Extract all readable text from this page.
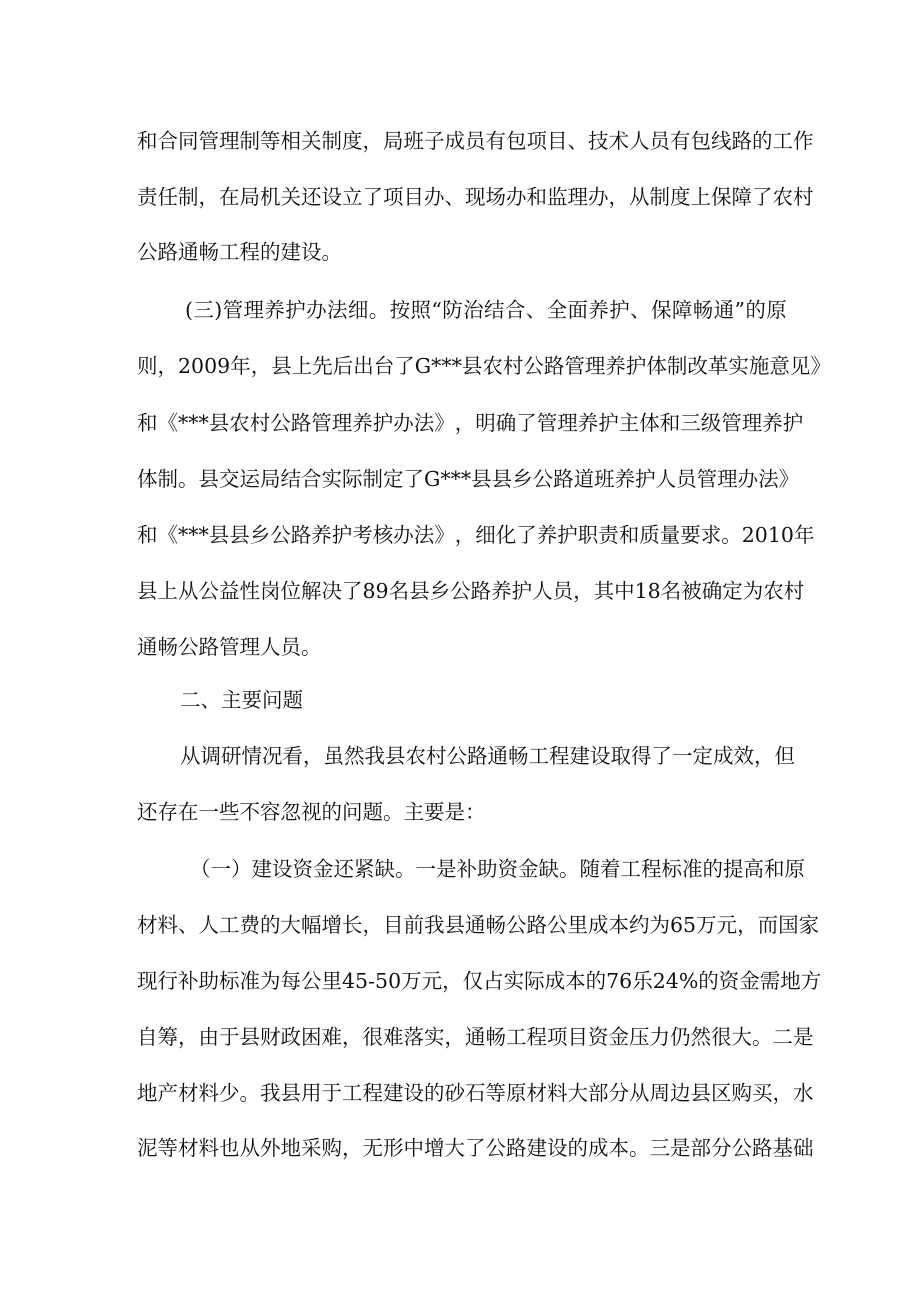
和 合 同 管 理 制 等 相 关 制 度 ， 局 班 子 成 员 有 包 项 目 、 技 术 人 员 有 包 线 路 的 工 作
责 任 制 ， 在 局 机 关 还 设 立 了 项 目 办 、 现 场 办 和 监 理 办 ， 从 制 度 上 保 障 了 农 村
公路通畅工程的建设。
( 三 ) 管 理 养 护 办 法 细 。 按 照 “ 防 治 结 合 、 全 面 养 护 、 保 障 畅 通 ” 的 原
则 ， 2 0 0 9 年 ， 县 上 先 后 出 台 了 G * * * 县 农 村 公 路 管 理 养 护 体 制 改 革 实 施 意 见 》
和 《 * * * 县 农 村 公 路 管 理 养 护 办 法 》 ， 明 确 了 管 理 养 护 主 体 和 三 级 管 理 养 护
体 制 。 县 交 运 局 结 合 实 际 制 定 了 G * * * 县 县 乡 公 路 道 班 养 护 人 员 管 理 办 法 》
和 《 * * * 县 县 乡 公 路 养 护 考 核 办 法 》 ， 细 化 了 养 护 职 责 和 质 量 要 求 。 2 0 1 0 年
县 上 从 公 益 性 岗 位 解 决 了 8 9 名 县 乡 公 路 养 护 人 员 ， 其 中 1 8 名 被 确 定 为 农 村
通畅公路管理人员。
二、主要问题
从 调 研 情 况 看 ， 虽 然 我 县 农 村 公 路 通 畅 工 程 建 设 取 得 了 一 定 成 效 ， 但
还存在一些不容忽视的问题。主要是：
（ 一 ） 建 设 资 金 还 紧 缺 。 一 是 补 助 资 金 缺 。 随 着 工 程 标 准 的 提 高 和 原
材 料 、 人 工 费 的 大 幅 增 长 ， 目 前 我 县 通 畅 公 路 公 里 成 本 约 为 6 5 万 元 ， 而 国 家
现 行 补 助 标 准 为 每 公 里 4 5 - 5 0 万 元 ， 仅 占 实 际 成 本 的 7 6 乐 2 4 % 的 资 金 需 地 方
自 筹 ， 由 于 县 财 政 困 难 ， 很 难 落 实 ， 通 畅 工 程 项 目 资 金 压 力 仍 然 很 大 。 二 是
地 产 材 料 少 。 我 县 用 于 工 程 建 设 的 砂 石 等 原 材 料 大 部 分 从 周 边 县 区 购 买 ， 水
泥 等 材 料 也 从 外 地 采 购 ， 无 形 中 增 大 了 公 路 建 设 的 成 本 。 三 是 部 分 公 路 基 础
